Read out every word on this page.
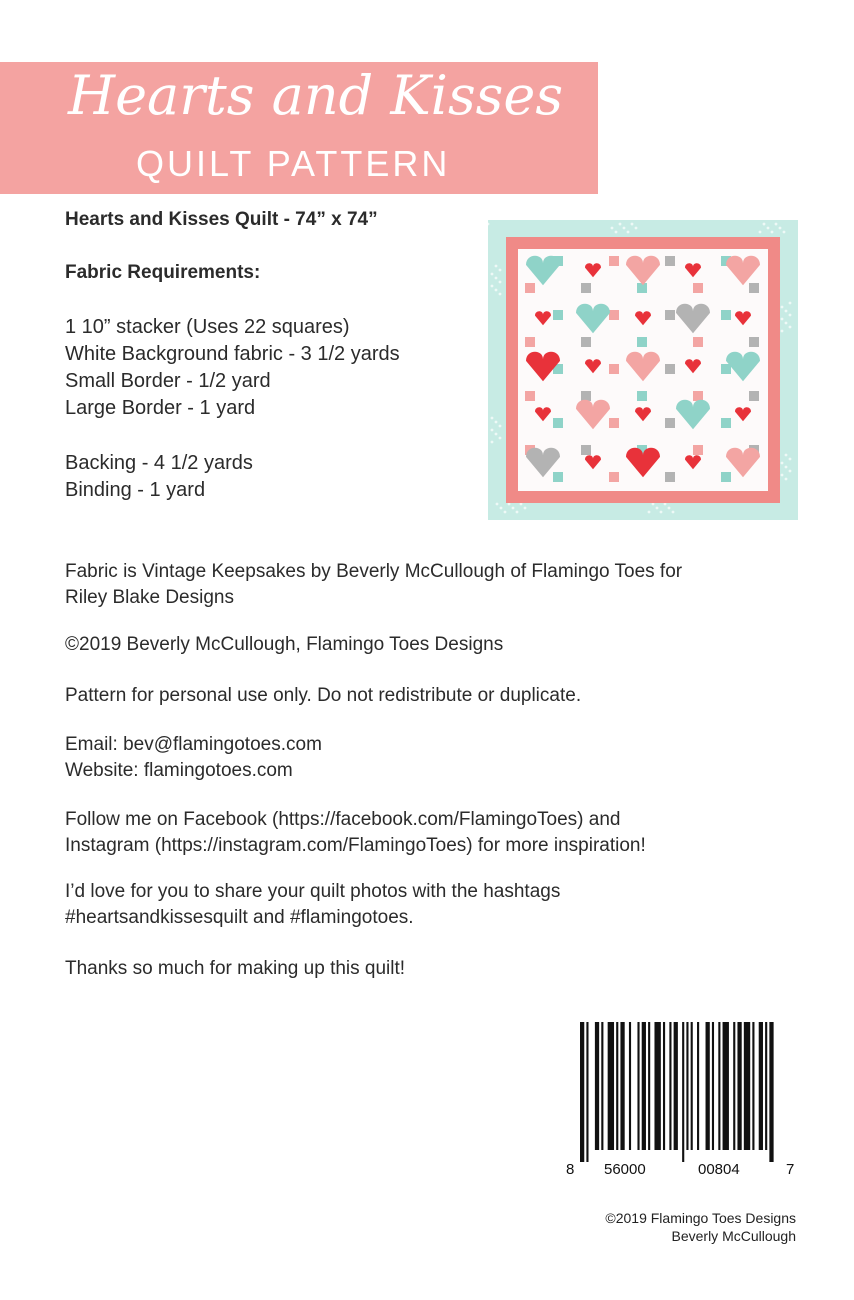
Hearts and Kisses
QUILT PATTERN
Hearts and Kisses Quilt - 74” x 74”
Fabric Requirements:
1 10” stacker (Uses 22 squares)
White Background fabric - 3 1/2 yards
Small Border - 1/2 yard
Large Border - 1 yard
Backing - 4 1/2 yards
Binding - 1 yard
Fabric is Vintage Keepsakes by Beverly McCullough of Flamingo Toes for
Riley Blake Designs
©2019 Beverly McCullough, Flamingo Toes Designs
Pattern for personal use only. Do not redistribute or duplicate.
Email: bev@flamingotoes.com
Website: flamingotoes.com
Follow me on Facebook (https://facebook.com/FlamingoToes) and
Instagram (https://instagram.com/FlamingoToes) for more inspiration!
I’d love for you to share your quilt photos with the hashtags
#heartsandkissesquilt and #flamingotoes.
Thanks so much for making up this quilt!
8 56000	00804	7
©2019 Flamingo Toes Designs
Beverly McCullough
